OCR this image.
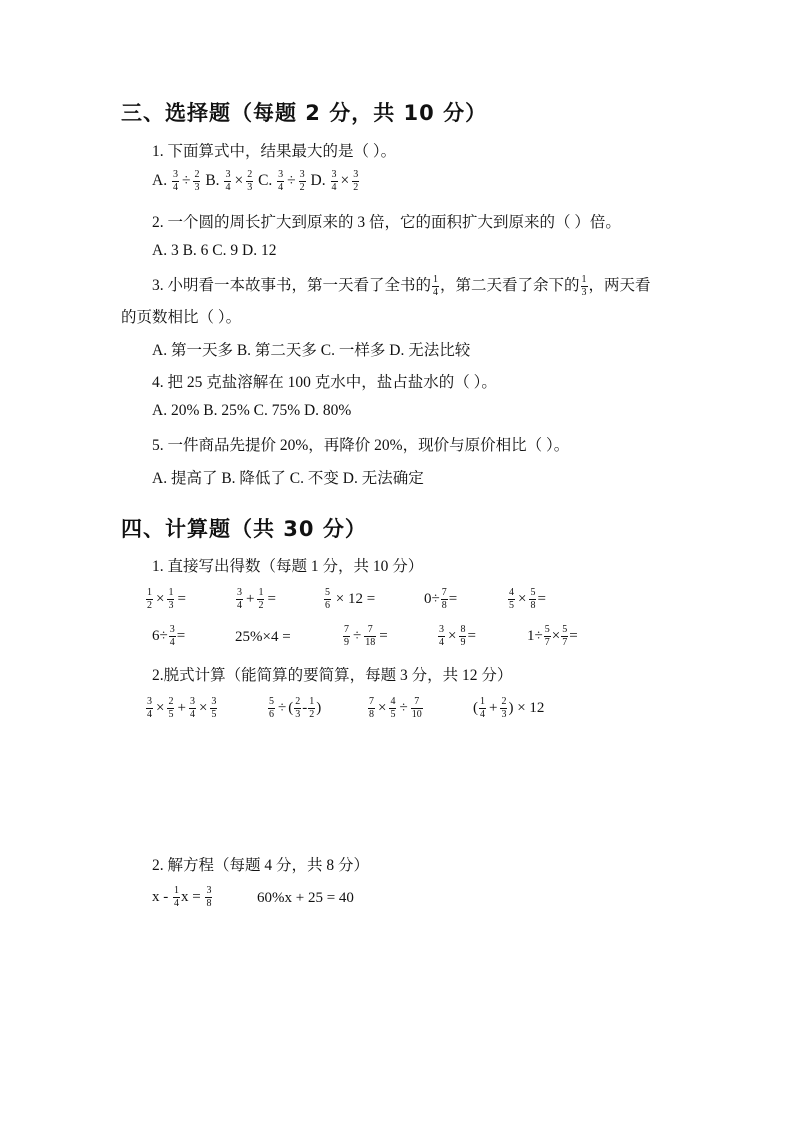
三、选择题（每题 2 分，共 10 分）
1. 下面算式中，结果最大的是（ ）。
A. $\frac{3}{4} \div \frac{2}{3} B$. $\frac{3}{4} \times \frac{2}{3} C$. $\frac{3}{4} \div \frac{3}{2} D$. $\frac{3}{4} \times \frac{3}{2}$
2. 一个圆的周长扩大到原来的 3 倍，它的面积扩大到原来的（ ）倍。
A. 3 B. 6 C. 9 D. 12
3. 小明看一本故事书，第一天看了全书的 $\frac{1}{4}$ ，第二天看了余下的 $\frac{1}{3}$ ，两天看
的页数相比（ ）。
A. 第一天多 B. 第二天多 C. 一样多 D. 无法比较
4. 把 25 克盐溶解在 100 克水中，盐占盐水的（ ）。
A. 20% B. 25% C. 75% D. 80%
5. 一件商品先提价 20%，再降价 20%，现价与原价相比（ ）。
A. 提高了 B. 降低了 C. 不变 D. 无法确定
四、计算题（共 30 分）
1. 直接写出得数（每题 1 分，共 10 分）
$\frac{1}{2} \times \frac{1}{3}$ =	$\frac{3}{4} + \frac{1}{2}$ =	$\frac{5}{6} \times 12$ =	$0\div \frac{7}{8}$ =	$\frac{4}{5} \times \frac{5}{8}$ =
$6\div \frac{3}{4}$ =	25%×4 =	$\frac{7}{9} \div \frac{7}{18}$ =	$\frac{3}{4} \times \frac{8}{9}$ =	$1\div \frac{5}{7} \times \frac{5}{7}$ =
2.脱式计算（能简算的要简算，每题 3 分，共 12 分）
$\frac{3}{4} \times \frac{2}{5} + \frac{3}{4} \times \frac{3}{5}$	$\frac{5}{6}$ ÷ ( $\frac{2}{3} - \frac{1}{2}$ )	$\frac{7}{8} \times \frac{4}{5} \div \frac{7}{10}$	( $\frac{1}{4} + \frac{2}{3}$ ) × 12
2. 解方程（每题 4 分，共 8 分）
x - $\frac{1}{4}$ $x = \frac{3}{8}$	60%x + 25 = 40
